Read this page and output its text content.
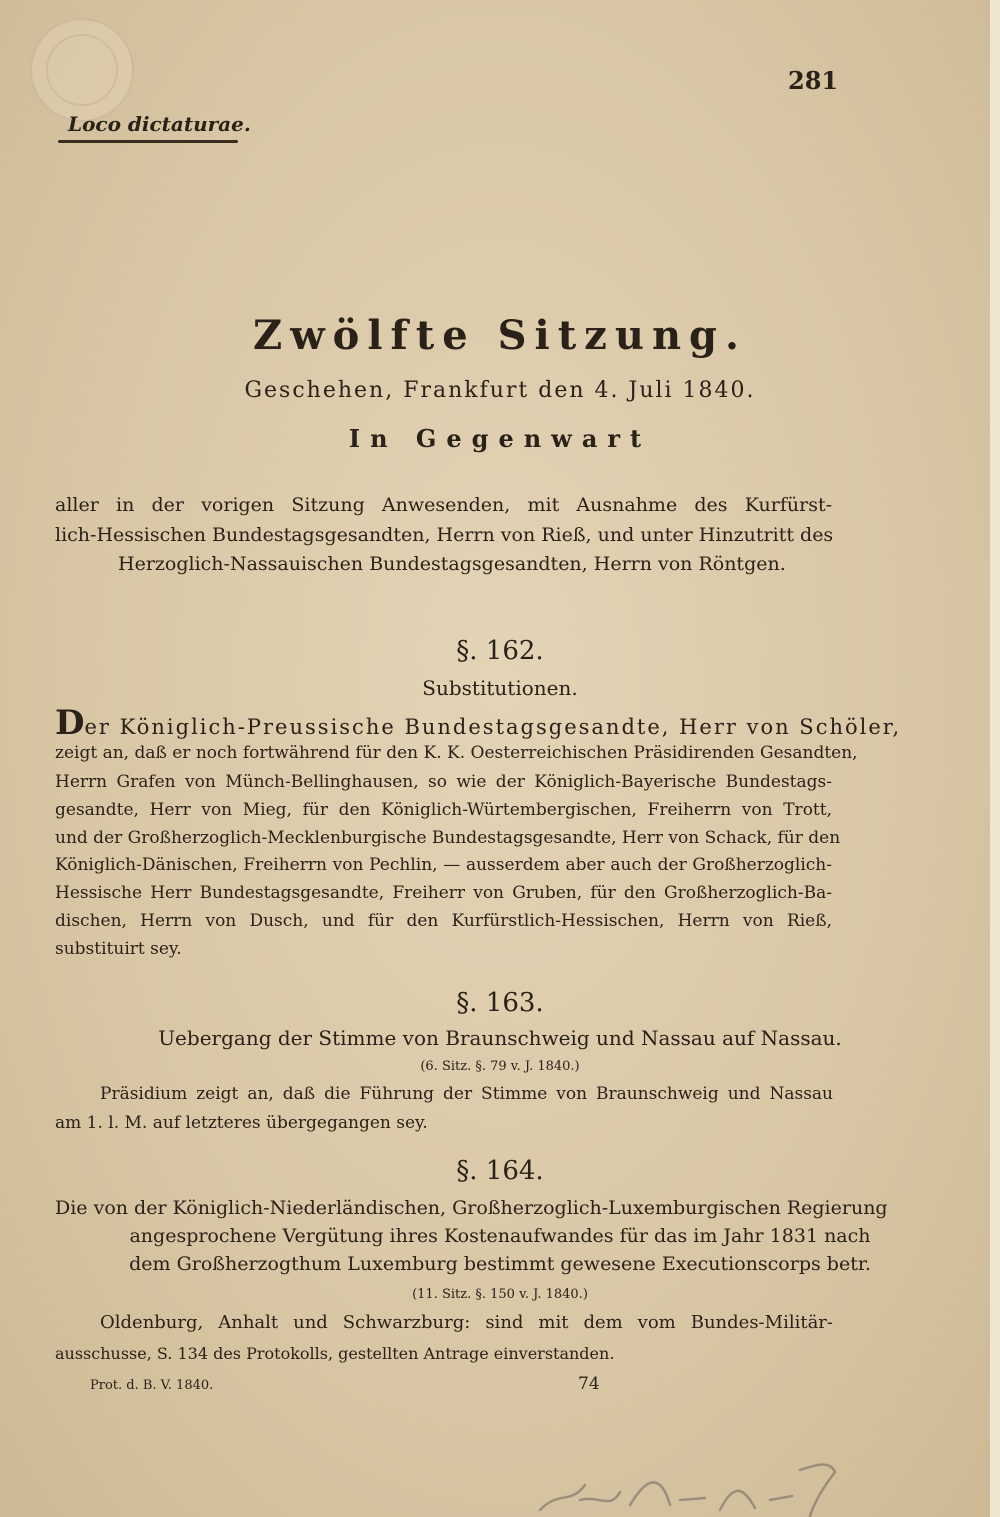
281
Loco dictaturae.
Zwölfte Sitzung.
Geschehen, Frankfurt den 4. Juli 1840.
In Gegenwart
aller in der vorigen Sitzung Anwesenden, mit Ausnahme des Kurfürst-
lich-Hessischen Bundestagsgesandten, Herrn von Rieß, und unter Hinzutritt des
Herzoglich-Nassauischen Bundestagsgesandten, Herrn von Röntgen.
§. 162.
Substitutionen.
Der Königlich-Preussische Bundestagsgesandte, Herr von Schöler,
zeigt an, daß er noch fortwährend für den K. K. Oesterreichischen Präsidirenden Gesandten,
Herrn Grafen von Münch-Bellinghausen, so wie der Königlich-Bayerische Bundestags-
gesandte, Herr von Mieg, für den Königlich-Würtembergischen, Freiherrn von Trott,
und der Großherzoglich-Mecklenburgische Bundestagsgesandte, Herr von Schack, für den
Königlich-Dänischen, Freiherrn von Pechlin, — ausserdem aber auch der Großherzoglich-
Hessische Herr Bundestagsgesandte, Freiherr von Gruben, für den Großherzoglich-Ba-
dischen, Herrn von Dusch, und für den Kurfürstlich-Hessischen, Herrn von Rieß,
substituirt sey.
§. 163.
Uebergang der Stimme von Braunschweig und Nassau auf Nassau.
(6. Sitz. §. 79 v. J. 1840.)
Präsidium zeigt an, daß die Führung der Stimme von Braunschweig und Nassau
am 1. l. M. auf letzteres übergegangen sey.
§. 164.
Die von der Königlich-Niederländischen, Großherzoglich-Luxemburgischen Regierung
angesprochene Vergütung ihres Kostenaufwandes für das im Jahr 1831 nach
dem Großherzogthum Luxemburg bestimmt gewesene Executionscorps betr.
(11. Sitz. §. 150 v. J. 1840.)
Oldenburg, Anhalt und Schwarzburg: sind mit dem vom Bundes-Militär-
ausschusse, S. 134 des Protokolls, gestellten Antrage einverstanden.
Prot. d. B. V. 1840.	74
